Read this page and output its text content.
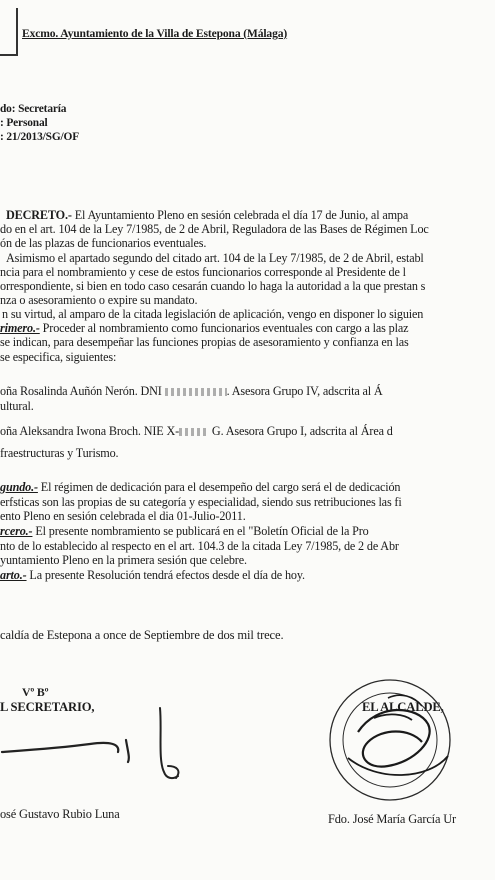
Excmo. Ayuntamiento de la Villa de Estepona (Málaga)
do: Secretaría
: Personal
: 21/2013/SG/OF
DECRETO.- El Ayuntamiento Pleno en sesión celebrada el día 17 de Junio, al ampa
do en el art. 104 de la Ley 7/1985, de 2 de Abril, Reguladora de las Bases de Régimen Loc
ón de las plazas de funcionarios eventuales.
Asimismo el apartado segundo del citado art. 104 de la Ley 7/1985, de 2 de Abril, establ
ncia para el nombramiento y cese de estos funcionarios corresponde al Presidente de l
orrespondiente, si bien en todo caso cesarán cuando lo haga la autoridad a la que prestan s
nza o asesoramiento o expire su mandato.
n su virtud, al amparo de la citada legislación de aplicación, vengo en disponer lo siguien
rimero.- Proceder al nombramiento como funcionarios eventuales con cargo a las plaz
se indican, para desempeñar las funciones propias de asesoramiento y confianza en las
se especifica, siguientes:
oña Rosalinda Auñón Nerón. DNI	. Asesora Grupo IV, adscrita al Á
ultural.
oña Aleksandra Iwona Broch. NIE X-	G. Asesora Grupo I, adscrita al Área d
fraestructuras y Turismo.
gundo.- El régimen de dedicación para el desempeño del cargo será el de dedicación
erfsticas son las propias de su categoría y especialidad, siendo sus retribuciones las fi
ento Pleno en sesión celebrada el dia 01-Julio-2011.
rcero.- El presente nombramiento se publicará en el "Boletín Oficial de la Pro
nto de lo establecido al respecto en el art. 104.3 de la citada Ley 7/1985, de 2 de Abr
yuntamiento Pleno en la primera sesión que celebre.
arto.- La presente Resolución tendrá efectos desde el día de hoy.
caldía de Estepona a once de Septiembre de dos mil trece.
Vº Bº
L SECRETARIO,	EL ALCALDE,
osé Gustavo Rubio Luna	Fdo. José María García Ur
